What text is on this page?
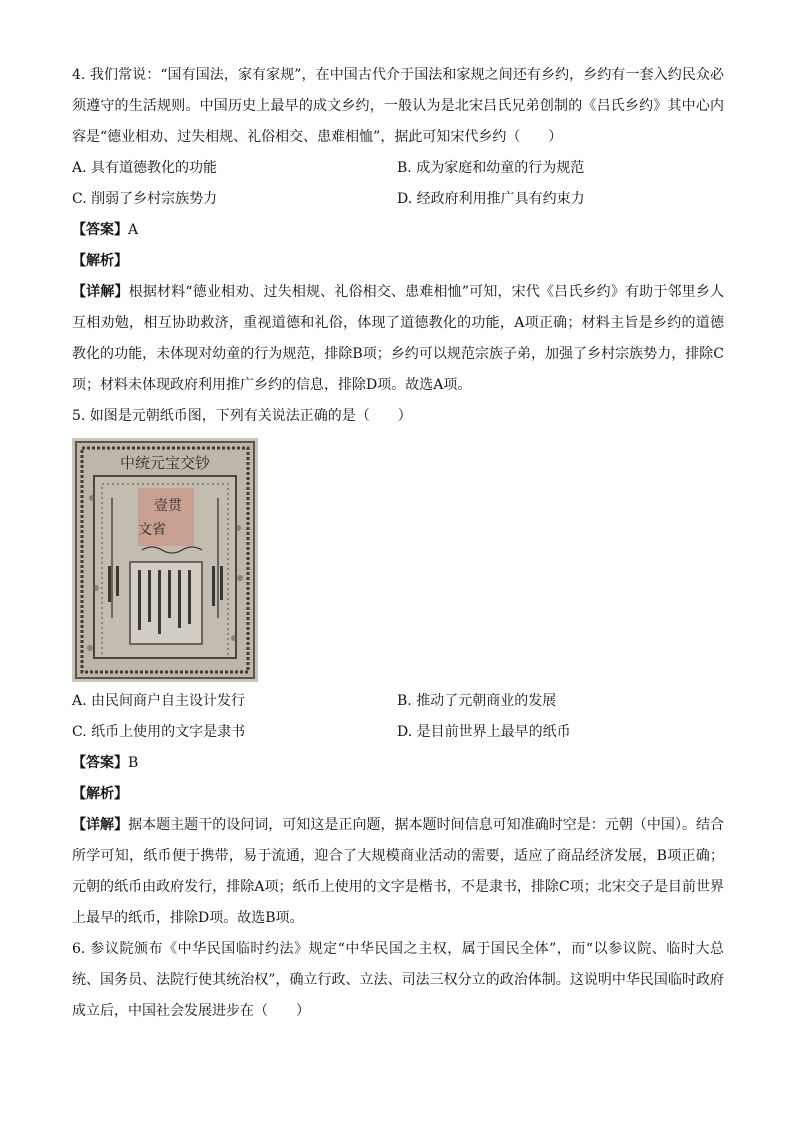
4. 我们常说：“国有国法，家有家规”，在中国古代介于国法和家规之间还有乡约，乡约有一套入约民众必须遵守的生活规则。中国历史上最早的成文乡约，一般认为是北宋吕氏兄弟创制的《吕氏乡约》其中心内容是“德业相劝、过失相规、礼俗相交、患难相恤”，据此可知宋代乡约（　　）

A. 具有道德教化的功能	B. 成为家庭和幼童的行为规范
C. 削弱了乡村宗族势力	D. 经政府利用推广具有约束力
【答案】A
【解析】

【详解】根据材料“德业相劝、过失相规、礼俗相交、患难相恤”可知，宋代《吕氏乡约》有助于邻里乡人互相劝勉，相互协助救济，重视道德和礼俗，体现了道德教化的功能，A项正确；材料主旨是乡约的道德教化的功能，未体现对幼童的行为规范，排除B项；乡约可以规范宗族子弟，加强了乡村宗族势力，排除C项；材料未体现政府利用推广乡约的信息，排除D项。故选A项。

5. 如图是元朝纸币图，下列有关说法正确的是（　　）

中统元宝交钞
壹贯
文省
A. 由民间商户自主设计发行	B. 推动了元朝商业的发展
C. 纸币上使用的文字是隶书	D. 是目前世界上最早的纸币
【答案】B
【解析】

【详解】据本题主题干的设问词，可知这是正向题，据本题时间信息可知准确时空是：元朝（中国）。结合所学可知，纸币便于携带，易于流通，迎合了大规模商业活动的需要，适应了商品经济发展，B项正确；元朝的纸币由政府发行，排除A项；纸币上使用的文字是楷书，不是隶书，排除C项；北宋交子是目前世界上最早的纸币，排除D项。故选B项。

6. 参议院颁布《中华民国临时约法》规定“中华民国之主权，属于国民全体”，而“以参议院、临时大总统、国务员、法院行使其统治权”，确立行政、立法、司法三权分立的政治体制。这说明中华民国临时政府成立后，中国社会发展进步在（　　）
